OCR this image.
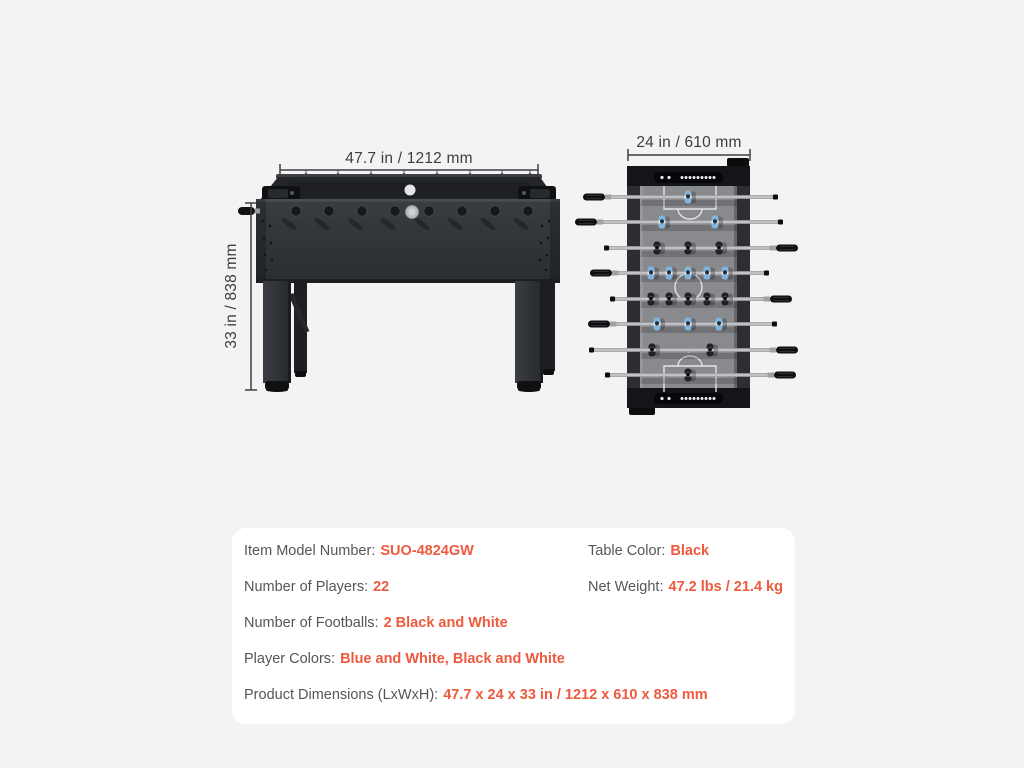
47.7 in / 1212 mm
33 in / 838 mm
24 in / 610 mm
Item Model Number: SUO-4824GW	Table Color: Black
Number of Players: 22	Net Weight: 47.2 lbs / 21.4 kg
Number of Footballs: 2 Black and White
Player Colors: Blue and White, Black and White
Product Dimensions (LxWxH): 47.7 x 24 x 33 in / 1212 x 610 x 838 mm
